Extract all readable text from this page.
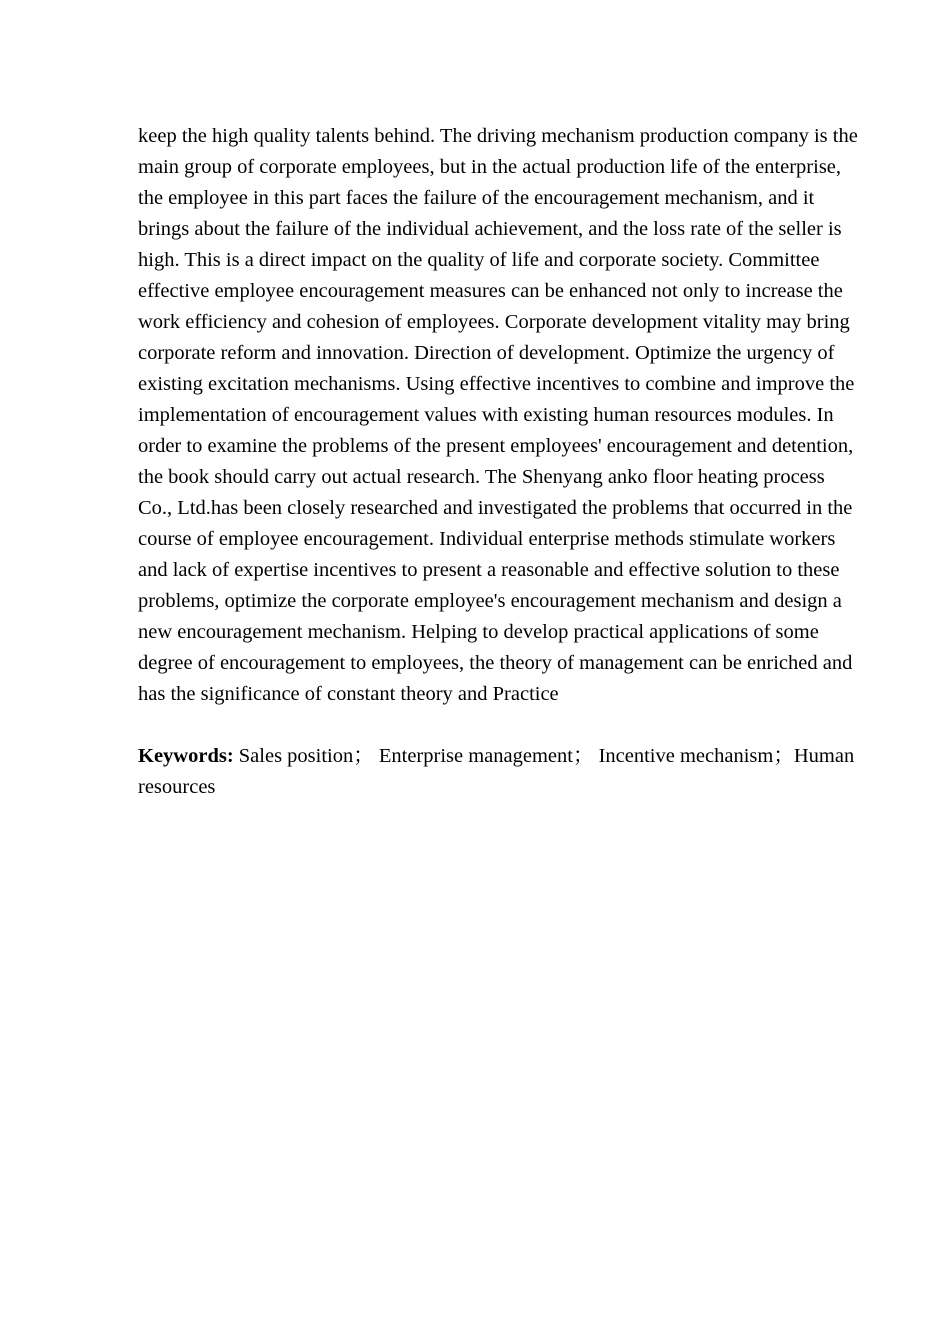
keep the high quality talents behind. The driving mechanism production company is the main group of corporate employees, but in the actual production life of the enterprise, the employee in this part faces the failure of the encouragement mechanism, and it brings about the failure of the individual achievement, and the loss rate of the seller is high. This is a direct impact on the quality of life and corporate society. Committee effective employee encouragement measures can be enhanced not only to increase the work efficiency and cohesion of employees. Corporate development vitality may bring corporate reform and innovation. Direction of development. Optimize the urgency of existing excitation mechanisms. Using effective incentives to combine and improve the implementation of encouragement values with existing human resources modules. In order to examine the problems of the present employees' encouragement and detention, the book should carry out actual research. The Shenyang anko floor heating process Co., Ltd.has been closely researched and investigated the problems that occurred in the course of employee encouragement. Individual enterprise methods stimulate workers and lack of expertise incentives to present a reasonable and effective solution to these problems, optimize the corporate employee's encouragement mechanism and design a new encouragement mechanism. Helping to develop practical applications of some degree of encouragement to employees, the theory of management can be enriched and has the significance of constant theory and Practice

Keywords: Sales position； Enterprise management； Incentive mechanism；Human resources
